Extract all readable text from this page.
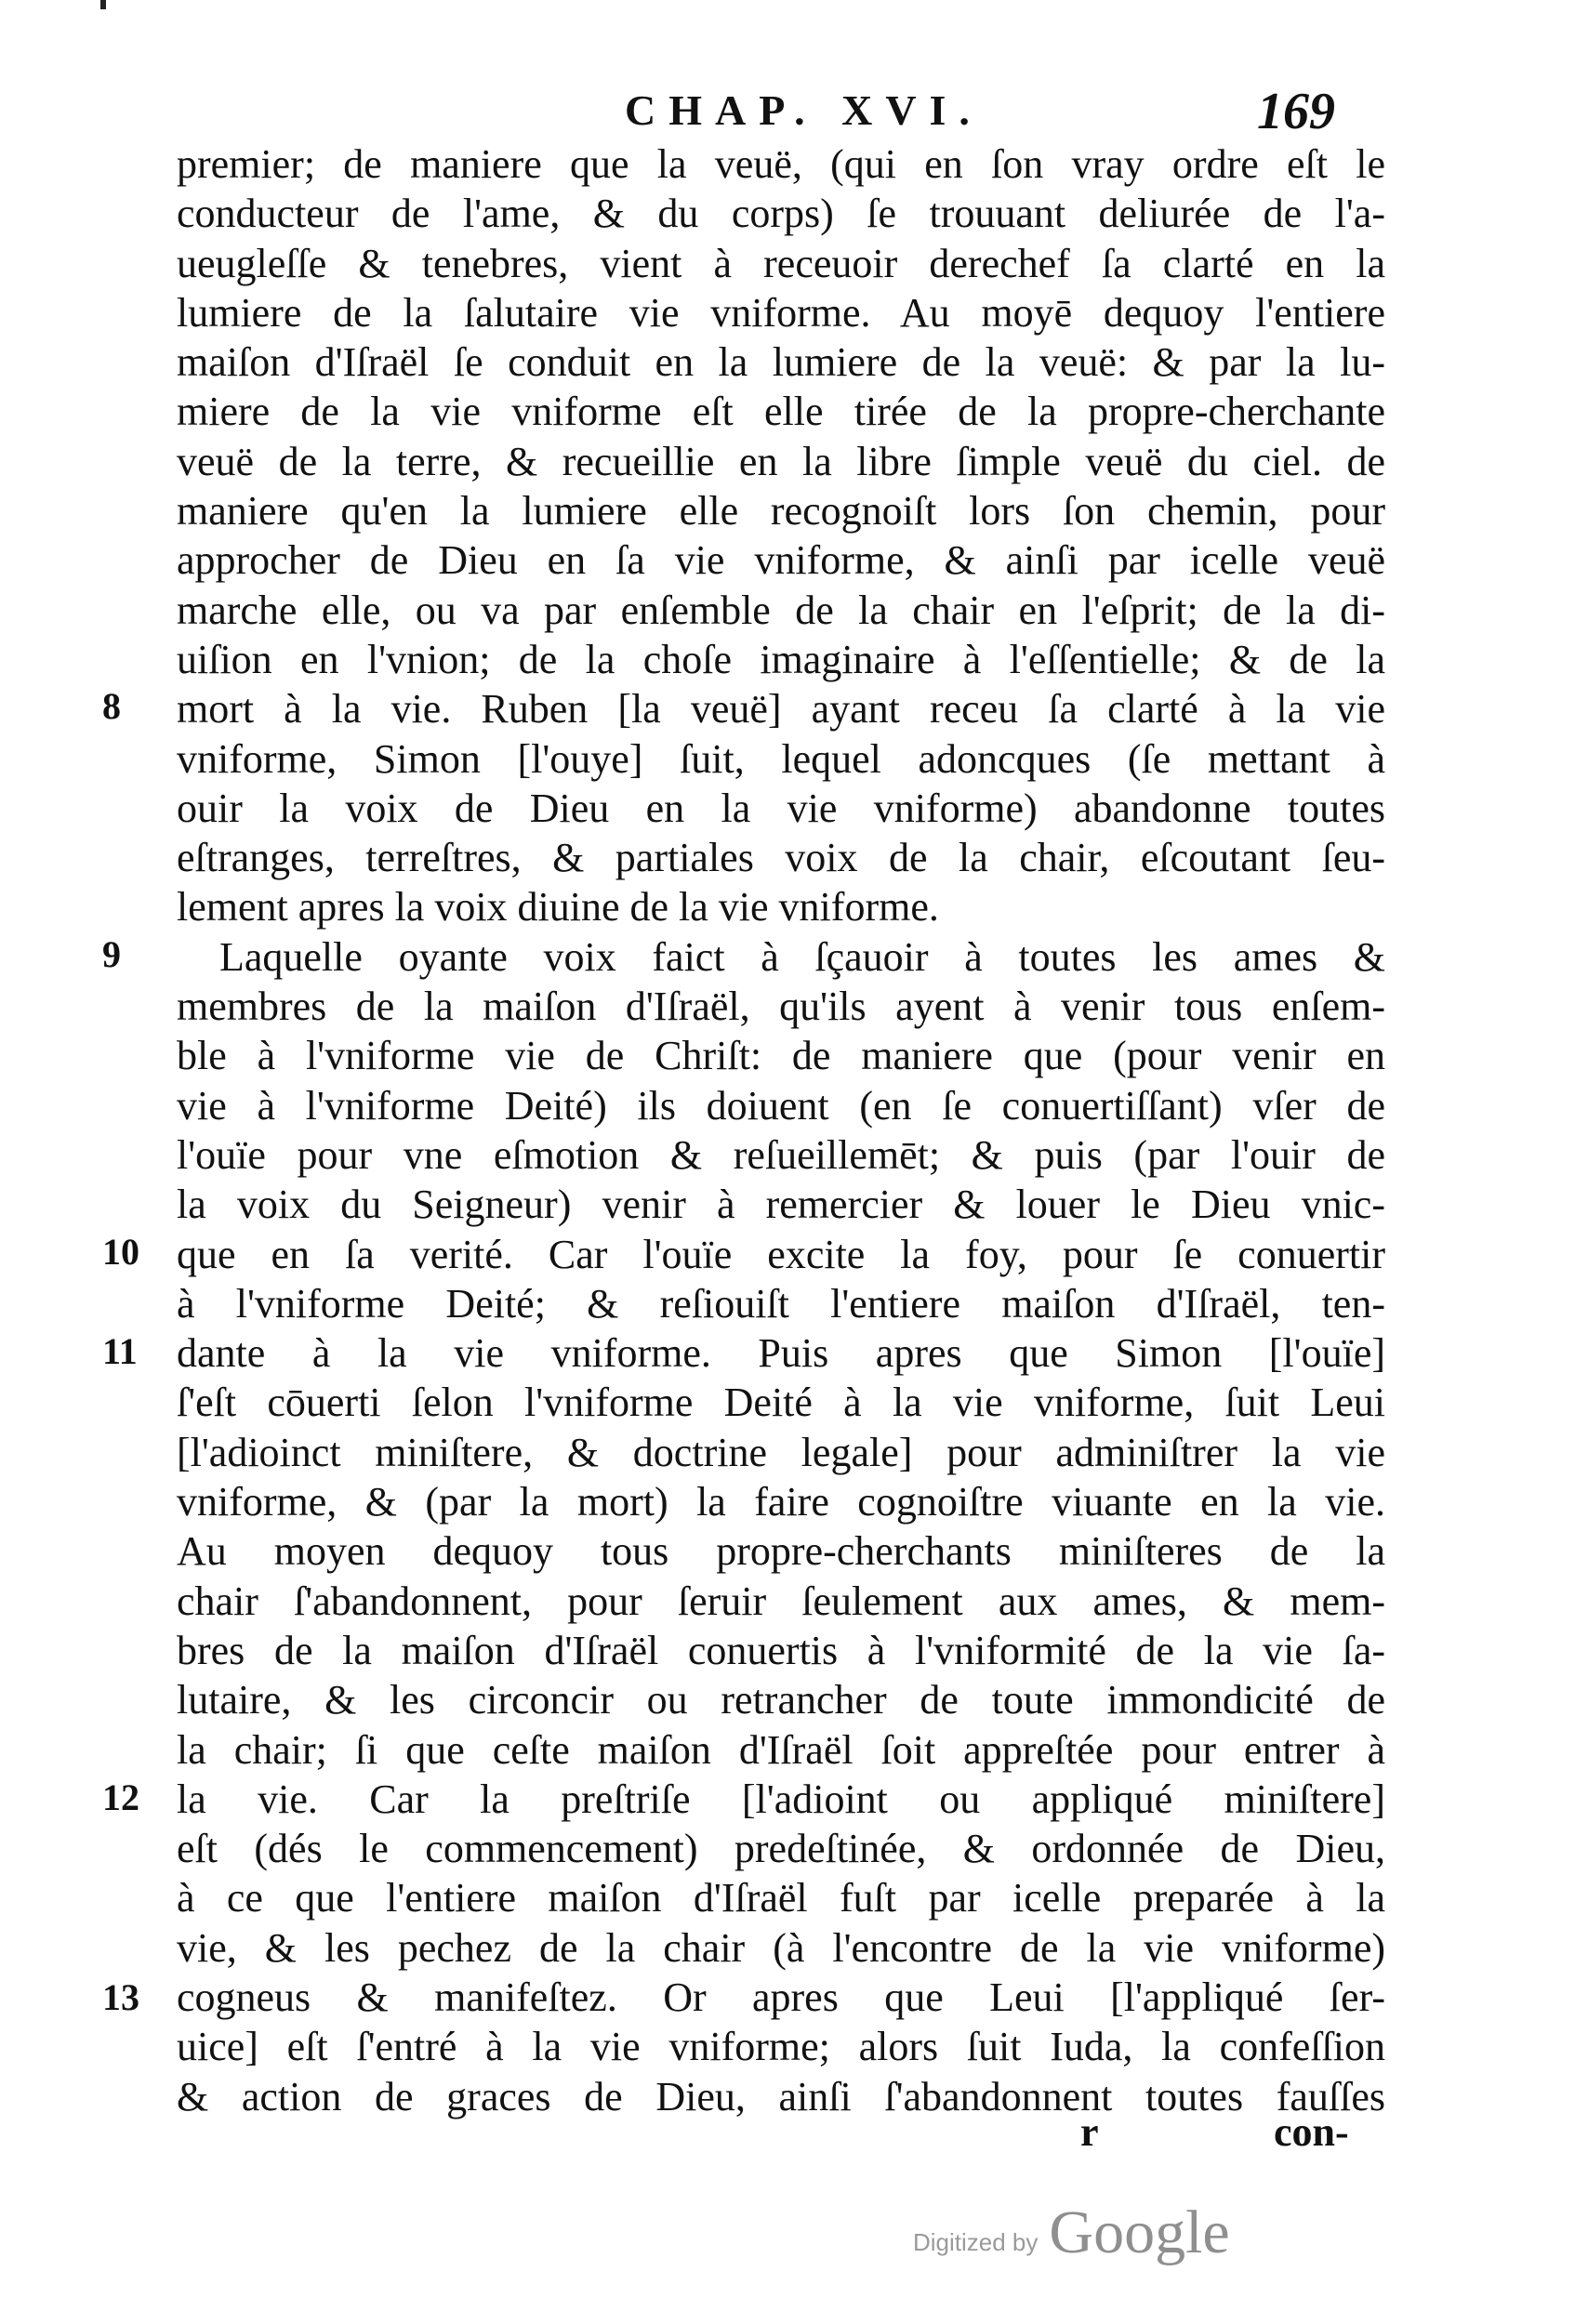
CHAP. XVI.	169
8
9
10
11
12
13
premier; de maniere que la veuë, (qui en ſon vray ordre eſt le
conducteur de l'ame, & du corps) ſe trouuant deliurée de l'a-
ueugleſſe & tenebres, vient à receuoir derechef ſa clarté en la
lumiere de la ſalutaire vie vniforme. Au moyē dequoy l'entiere
maiſon d'Iſraël ſe conduit en la lumiere de la veuë: & par la lu-
miere de la vie vniforme eſt elle tirée de la propre-cherchante
veuë de la terre, & recueillie en la libre ſimple veuë du ciel. de
maniere qu'en la lumiere elle recognoiſt lors ſon chemin, pour
approcher de Dieu en ſa vie vniforme, & ainſi par icelle veuë
marche elle, ou va par enſemble de la chair en l'eſprit; de la di-
uiſion en l'vnion; de la choſe imaginaire à l'eſſentielle; & de la
mort à la vie. Ruben [la veuë] ayant receu ſa clarté à la vie
vniforme, Simon [l'ouye] ſuit, lequel adoncques (ſe mettant à
ouir la voix de Dieu en la vie vniforme) abandonne toutes
eſtranges, terreſtres, & partiales voix de la chair, eſcoutant ſeu-
lement apres la voix diuine de la vie vniforme.
Laquelle oyante voix faict à ſçauoir à toutes les ames &
membres de la maiſon d'Iſraël, qu'ils ayent à venir tous enſem-
ble à l'vniforme vie de Chriſt: de maniere que (pour venir en
vie à l'vniforme Deité) ils doiuent (en ſe conuertiſſant) vſer de
l'ouïe pour vne eſmotion & reſueillemēt; & puis (par l'ouir de
la voix du Seigneur) venir à remercier & louer le Dieu vnic-
que en ſa verité. Car l'ouïe excite la foy, pour ſe conuertir
à l'vniforme Deité; & reſiouiſt l'entiere maiſon d'Iſraël, ten-
dante à la vie vniforme. Puis apres que Simon [l'ouïe]
ſ'eſt cōuerti ſelon l'vniforme Deité à la vie vniforme, ſuit Leui
[l'adioinct miniſtere, & doctrine legale] pour adminiſtrer la vie
vniforme, & (par la mort) la faire cognoiſtre viuante en la vie.
Au moyen dequoy tous propre-cherchants miniſteres de la
chair ſ'abandonnent, pour ſeruir ſeulement aux ames, & mem-
bres de la maiſon d'Iſraël conuertis à l'vniformité de la vie ſa-
lutaire, & les circoncir ou retrancher de toute immondicité de
la chair; ſi que ceſte maiſon d'Iſraël ſoit appreſtée pour entrer à
la vie. Car la preſtriſe [l'adioint ou appliqué miniſtere]
eſt (dés le commencement) predeſtinée, & ordonnée de Dieu,
à ce que l'entiere maiſon d'Iſraël fuſt par icelle preparée à la
vie, & les pechez de la chair (à l'encontre de la vie vniforme)
cogneus & manifeſtez. Or apres que Leui [l'appliqué ſer-
uice] eſt ſ'entré à la vie vniforme; alors ſuit Iuda, la confeſſion
& action de graces de Dieu, ainſi ſ'abandonnent toutes fauſſes
r	con-
Digitized by Google
